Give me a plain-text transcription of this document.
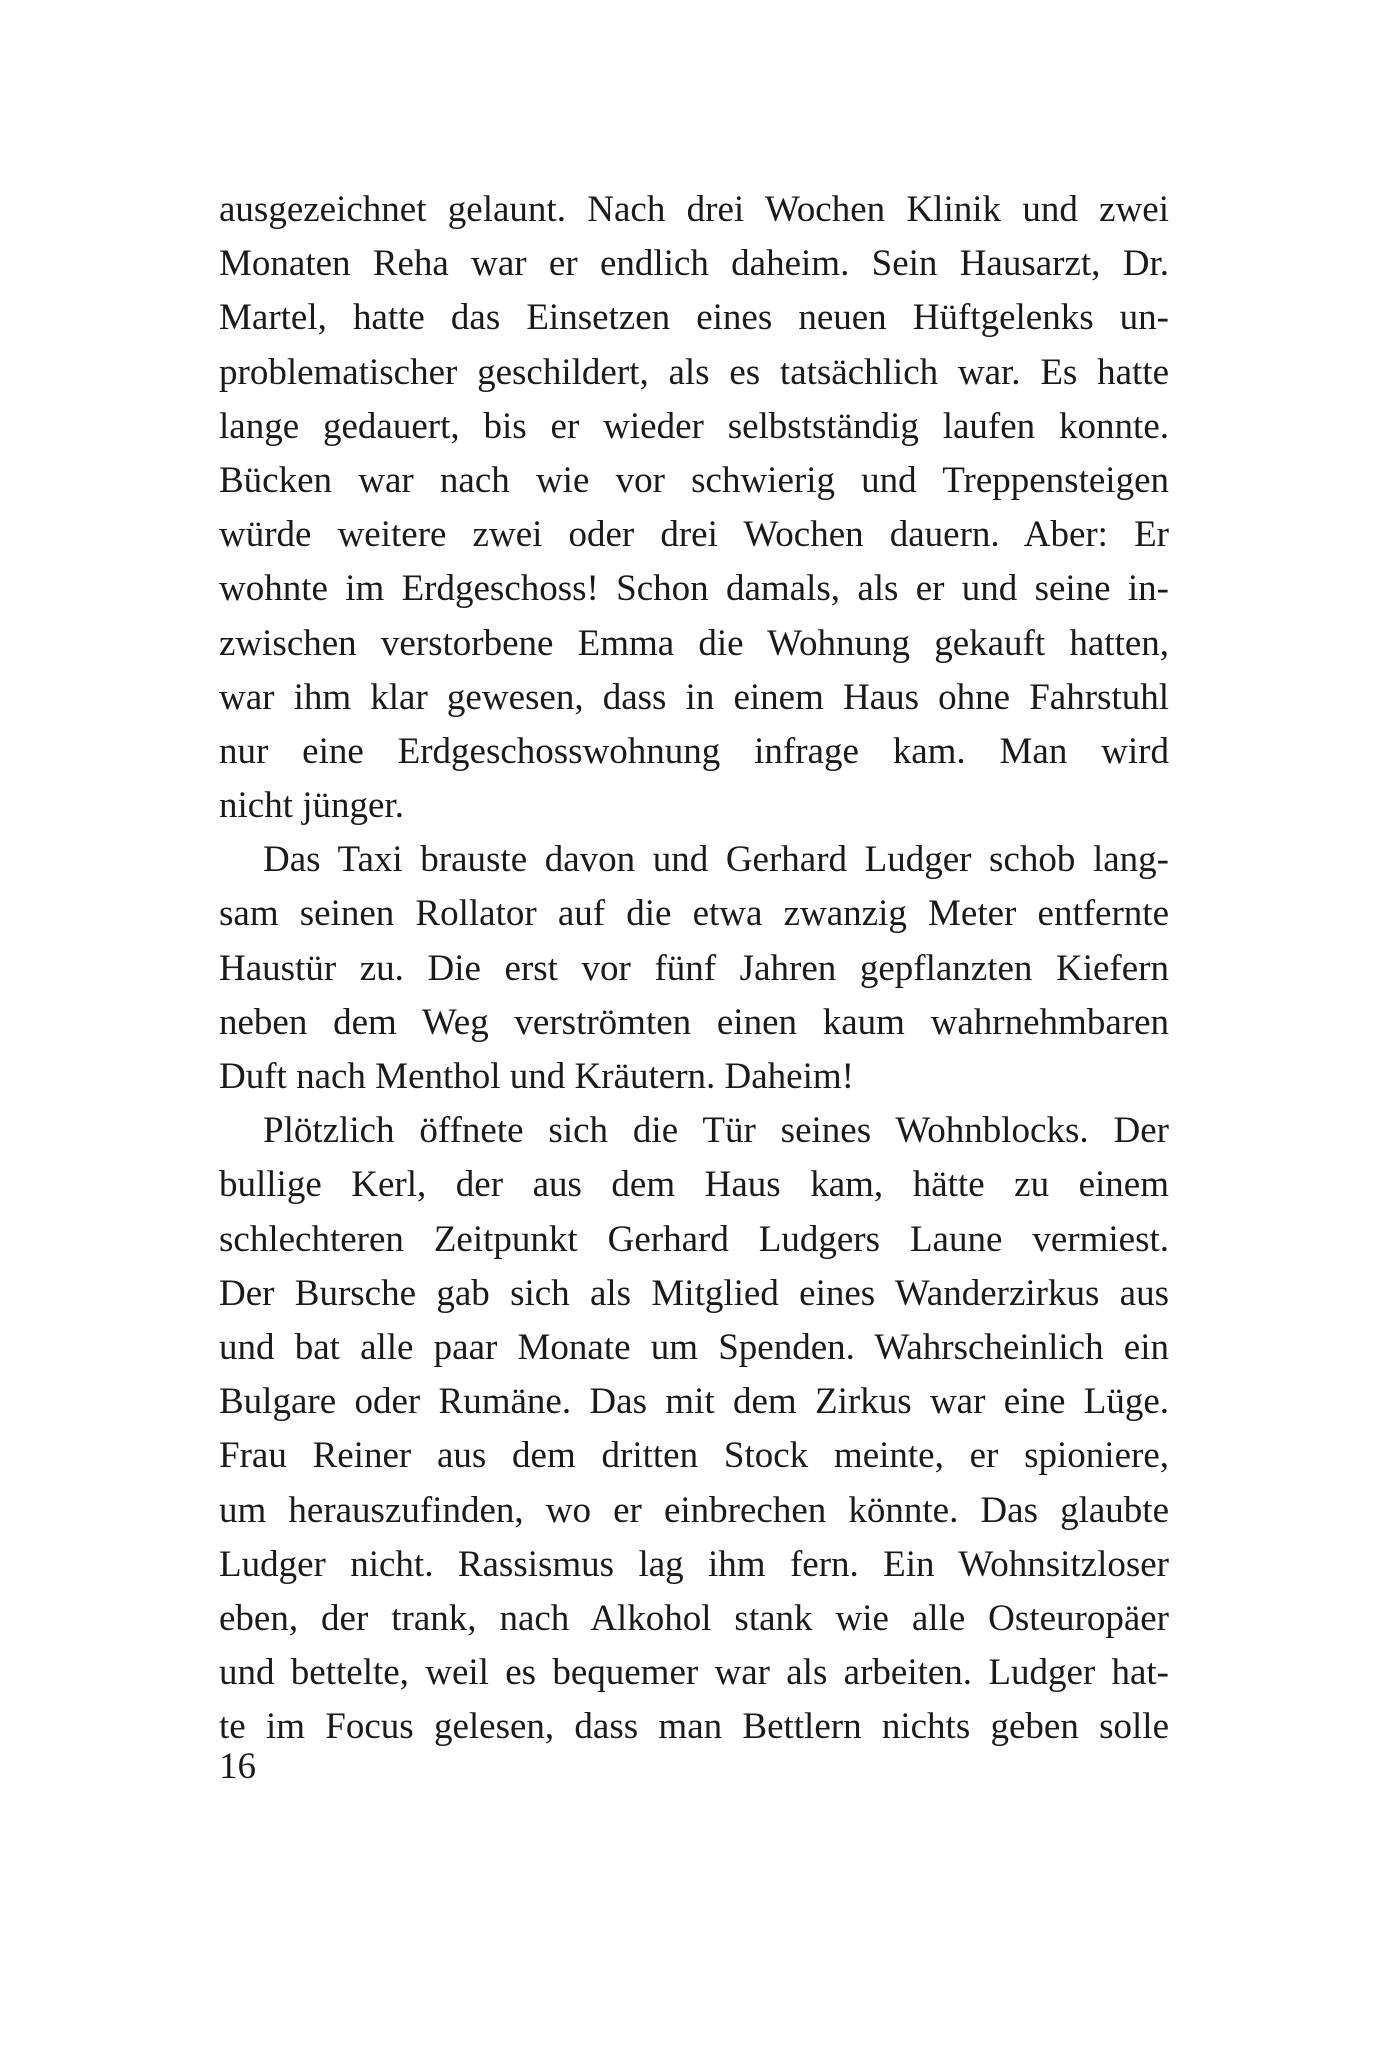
ausgezeichnet gelaunt. Nach drei Wochen Klinik und zwei
Monaten Reha war er endlich daheim. Sein Hausarzt, Dr.
Martel, hatte das Einsetzen eines neuen Hüftgelenks un-
problematischer geschildert, als es tatsächlich war. Es hatte
lange gedauert, bis er wieder selbstständig laufen konnte.
Bücken war nach wie vor schwierig und Treppensteigen
würde weitere zwei oder drei Wochen dauern. Aber: Er
wohnte im Erdgeschoss! Schon damals, als er und seine in-
zwischen verstorbene Emma die Wohnung gekauft hatten,
war ihm klar gewesen, dass in einem Haus ohne Fahrstuhl
nur eine Erdgeschosswohnung infrage kam. Man wird
nicht jünger.
Das Taxi brauste davon und Gerhard Ludger schob lang-
sam seinen Rollator auf die etwa zwanzig Meter entfernte
Haustür zu. Die erst vor fünf Jahren gepflanzten Kiefern
neben dem Weg verströmten einen kaum wahrnehmbaren
Duft nach Menthol und Kräutern. Daheim!
Plötzlich öffnete sich die Tür seines Wohnblocks. Der
bullige Kerl, der aus dem Haus kam, hätte zu einem
schlechteren Zeitpunkt Gerhard Ludgers Laune vermiest.
Der Bursche gab sich als Mitglied eines Wanderzirkus aus
und bat alle paar Monate um Spenden. Wahrscheinlich ein
Bulgare oder Rumäne. Das mit dem Zirkus war eine Lüge.
Frau Reiner aus dem dritten Stock meinte, er spioniere,
um herauszufinden, wo er einbrechen könnte. Das glaubte
Ludger nicht. Rassismus lag ihm fern. Ein Wohnsitzloser
eben, der trank, nach Alkohol stank wie alle Osteuropäer
und bettelte, weil es bequemer war als arbeiten. Ludger hat-
te im Focus gelesen, dass man Bettlern nichts geben solle
16
